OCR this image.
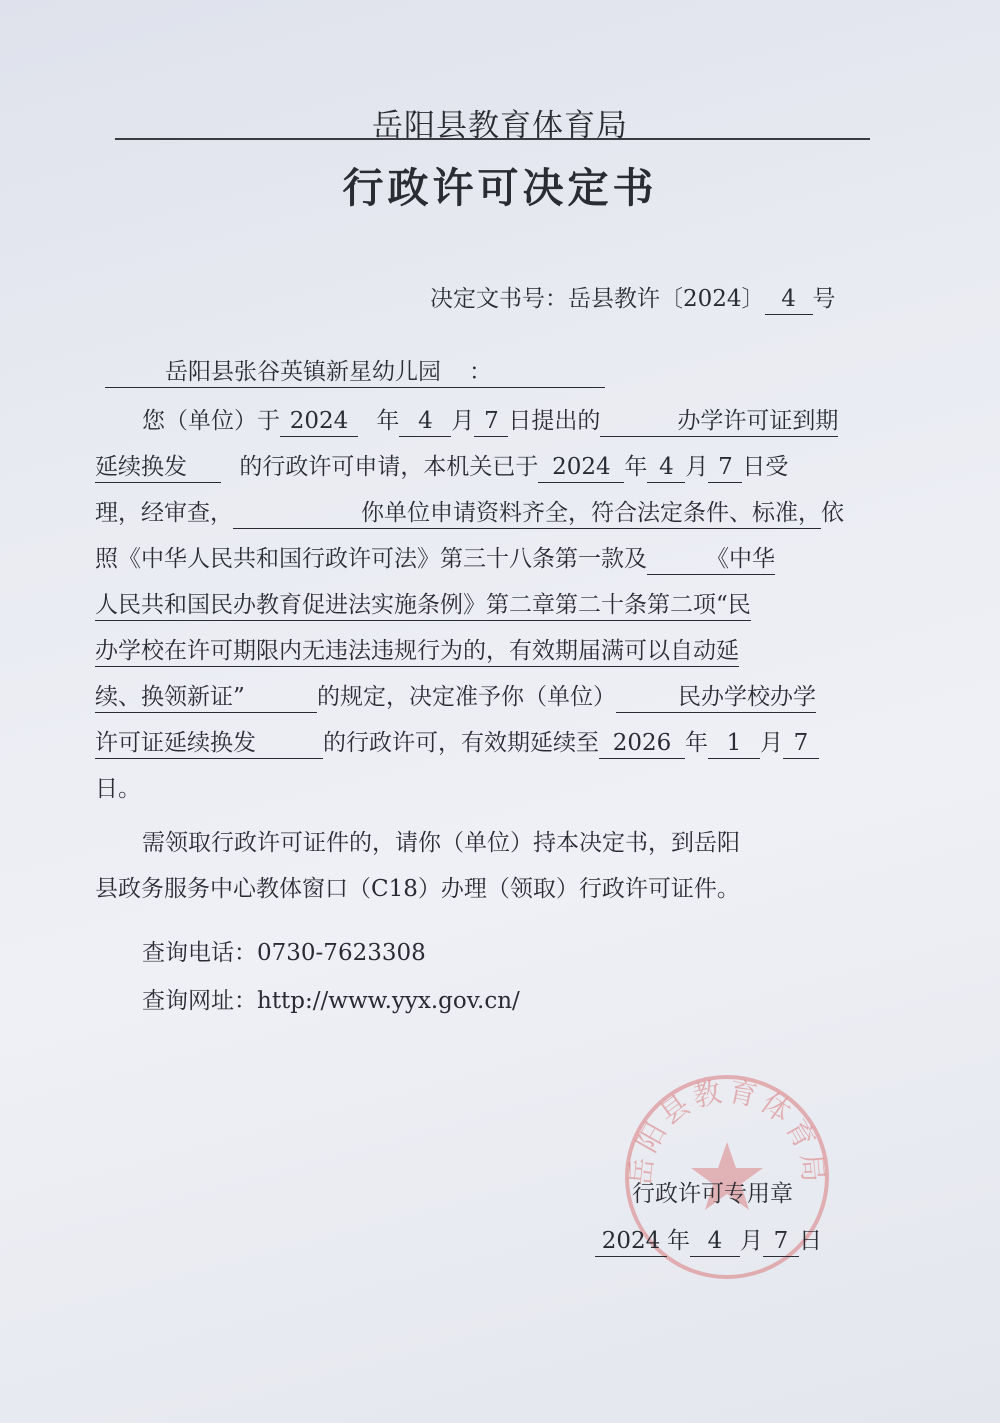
岳阳县教育体育局
行政许可决定书
决定文书号：岳县教许〔2024〕 4 号
岳阳县张谷英镇新星幼儿园 ：
您（单位）于 2024 年 4 月 7 日提出的	办学许可证到期
延续换发 的行政许可申请，本机关已于 2024 年 4 月 7 日受
理，经审查，	你单位申请资料齐全，符合法定条件、标准，依
照《中华人民共和国行政许可法》第三十八条第一款及	《中华
人民共和国民办教育促进法实施条例》第二章第二十条第二项“民
办学校在许可期限内无违法违规行为的，有效期届满可以自动延
续、换领新证”	的规定，决定准予你（单位）	民办学校办学
许可证延续换发	的行政许可，有效期延续至 2026 年 1 月 7
日。
需领取行政许可证件的，请你（单位）持本决定书，到岳阳
县政务服务中心教体窗口（C18）办理（领取）行政许可证件。
查询电话：0730-7623308
查询网址：http://www.yyx.gov.cn/
岳阳县教育体育局
行政许可专用章
2024 年 4 月 7 日
